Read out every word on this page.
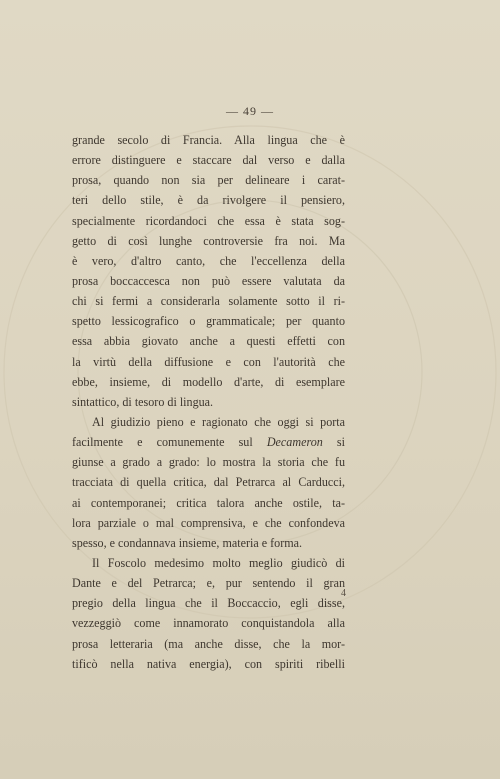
— 49 —
grande secolo di Francia. Alla lingua che è
errore distinguere e staccare dal verso e dalla
prosa, quando non sia per delineare i carat-
teri dello stile, è da rivolgere il pensiero,
specialmente ricordandoci che essa è stata sog-
getto di così lunghe controversie fra noi. Ma
è vero, d'altro canto, che l'eccellenza della
prosa boccaccesca non può essere valutata da
chi si fermi a considerarla solamente sotto il ri-
spetto lessicografico o grammaticale; per quanto
essa abbia giovato anche a questi effetti con
la virtù della diffusione e con l'autorità che
ebbe, insieme, di modello d'arte, di esemplare
sintattico, di tesoro di lingua.
Al giudizio pieno e ragionato che oggi si porta
facilmente e comunemente sul Decameron si
giunse a grado a grado: lo mostra la storia che fu
tracciata di quella critica, dal Petrarca al Carducci,
ai contemporanei; critica talora anche ostile, ta-
lora parziale o mal comprensiva, e che confondeva
spesso, e condannava insieme, materia e forma.
Il Foscolo medesimo molto meglio giudicò di
Dante e del Petrarca; e, pur sentendo il gran
pregio della lingua che il Boccaccio, egli disse,
vezzeggiò come innamorato conquistandola alla
prosa letteraria (ma anche disse, che la mor-
tificò nella nativa energia), con spiriti ribelli
4
